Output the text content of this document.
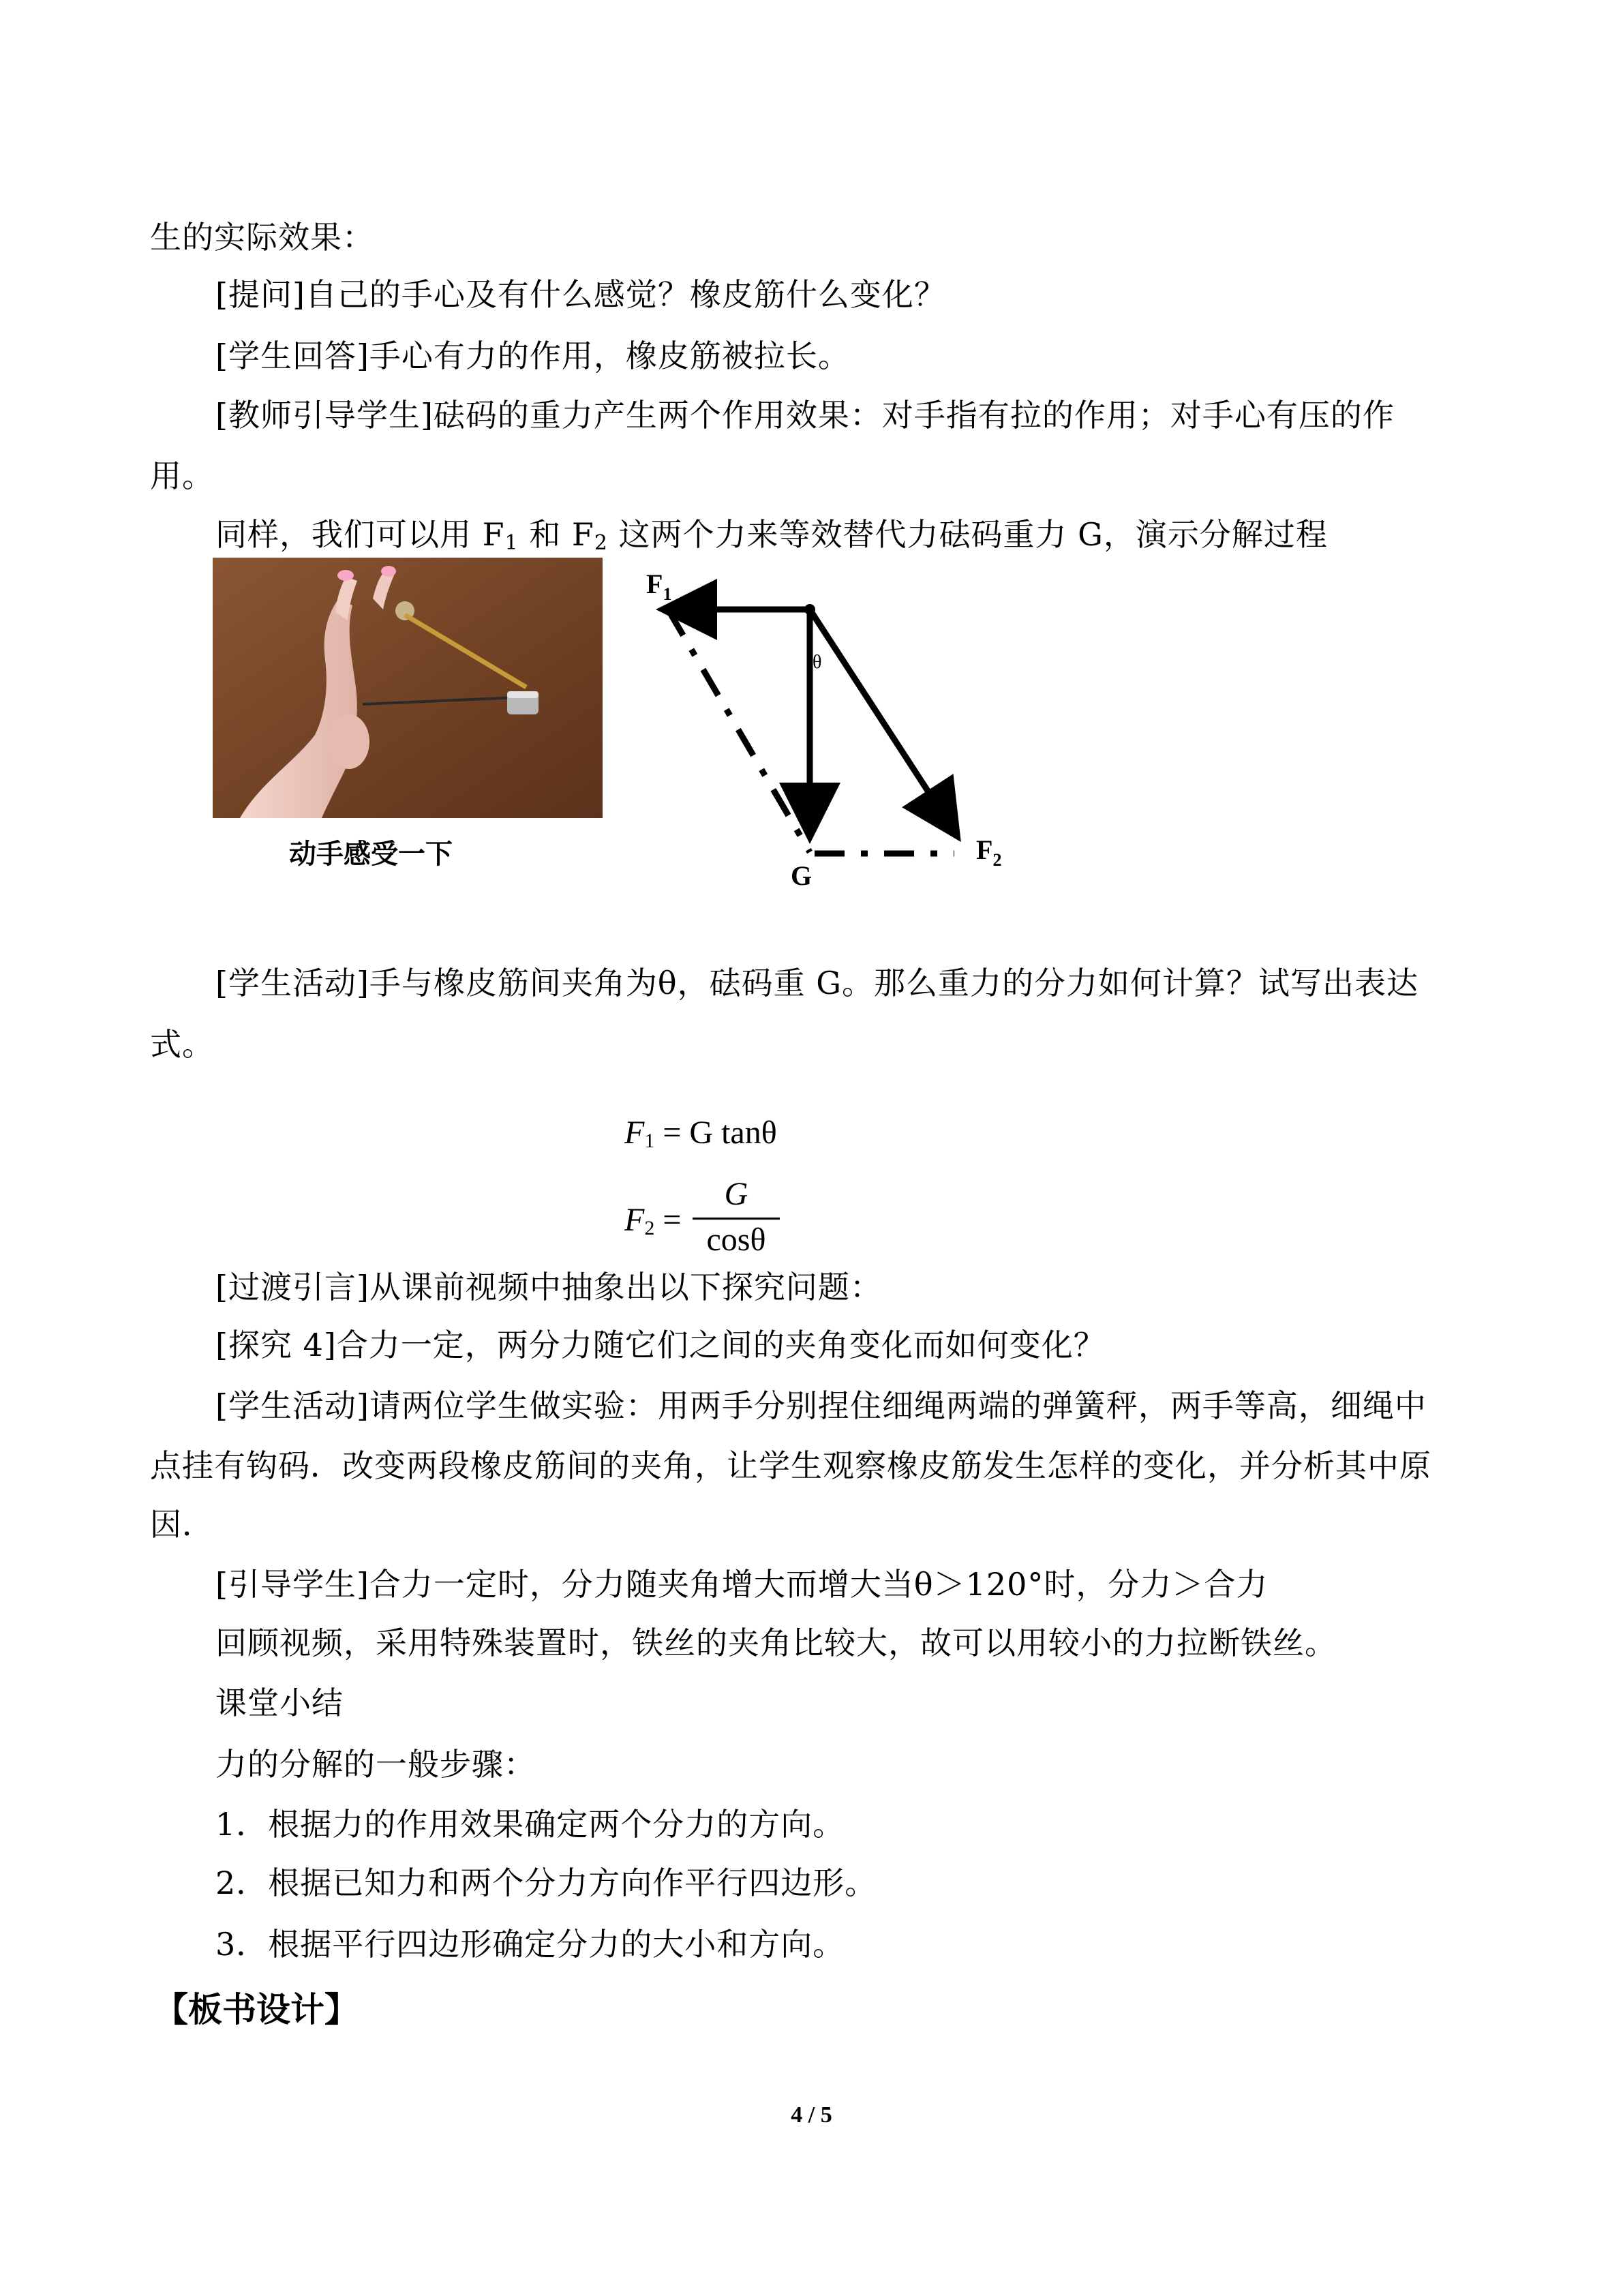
生的实际效果：
[提问]自己的手心及有什么感觉？橡皮筋什么变化？
[学生回答]手心有力的作用，橡皮筋被拉长。
[教师引导学生]砝码的重力产生两个作用效果：对手指有拉的作用；对手心有压的作
用。
同样，我们可以用 $F_1$ 和 $F_2$ 这两个力来等效替代力砝码重力 G，演示分解过程
动手感受一下
$F_1$
θ
$F_2$
G
[学生活动]手与橡皮筋间夹角为θ，砝码重 G。那么重力的分力如何计算？试写出表达
式。
$F_1 = G$ tanθ
$F_2$ =
G
cosθ
[过渡引言]从课前视频中抽象出以下探究问题：
[探究 4]合力一定，两分力随它们之间的夹角变化而如何变化？
[学生活动]请两位学生做实验：用两手分别捏住细绳两端的弹簧秤，两手等高，细绳中
点挂有钩码．改变两段橡皮筋间的夹角，让学生观察橡皮筋发生怎样的变化，并分析其中原
因．
[引导学生]合力一定时，分力随夹角增大而增大当θ＞120°时，分力＞合力
回顾视频，采用特殊装置时，铁丝的夹角比较大，故可以用较小的力拉断铁丝。
课堂小结
力的分解的一般步骤：
1．根据力的作用效果确定两个分力的方向。
2．根据已知力和两个分力方向作平行四边形。
3．根据平行四边形确定分力的大小和方向。
【板书设计】
4 / 5
